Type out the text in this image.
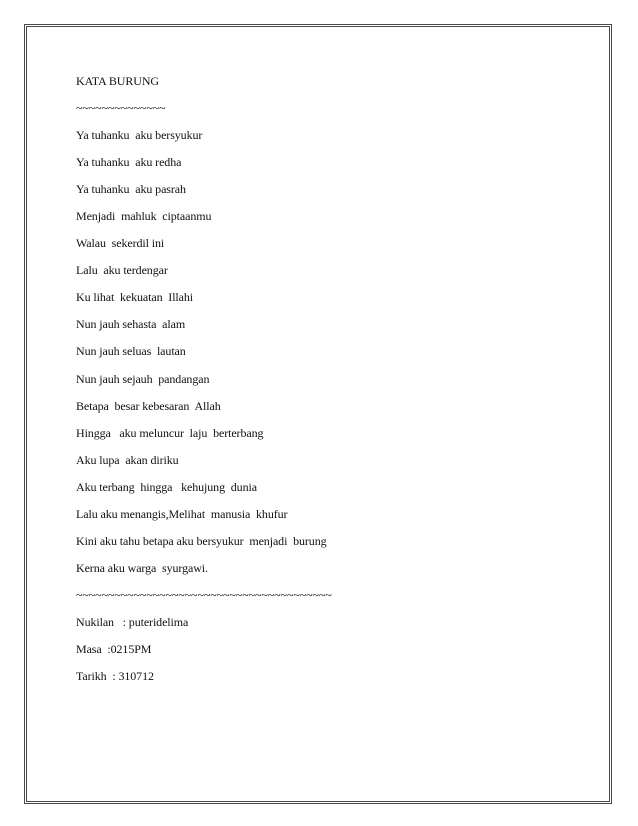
KATA BURUNG
~~~~~~~~~~~~~~
Ya tuhanku  aku bersyukur
Ya tuhanku  aku redha
Ya tuhanku  aku pasrah
Menjadi  mahluk  ciptaanmu
Walau  sekerdil ini
Lalu  aku terdengar
Ku lihat  kekuatan  Illahi
Nun jauh sehasta  alam
Nun jauh seluas  lautan
Nun jauh sejauh  pandangan
Betapa  besar kebesaran  Allah
Hingga   aku meluncur  laju  berterbang
Aku lupa  akan diriku
Aku terbang  hingga   kehujung  dunia
Lalu aku menangis,Melihat  manusia  khufur
Kini aku tahu betapa aku bersyukur  menjadi  burung
Kerna aku warga  syurgawi.
~~~~~~~~~~~~~~~~~~~~~~~~~~~~~~~~~~~~~~~~
Nukilan   : puteridelima
Masa  :0215PM
Tarikh  : 310712
